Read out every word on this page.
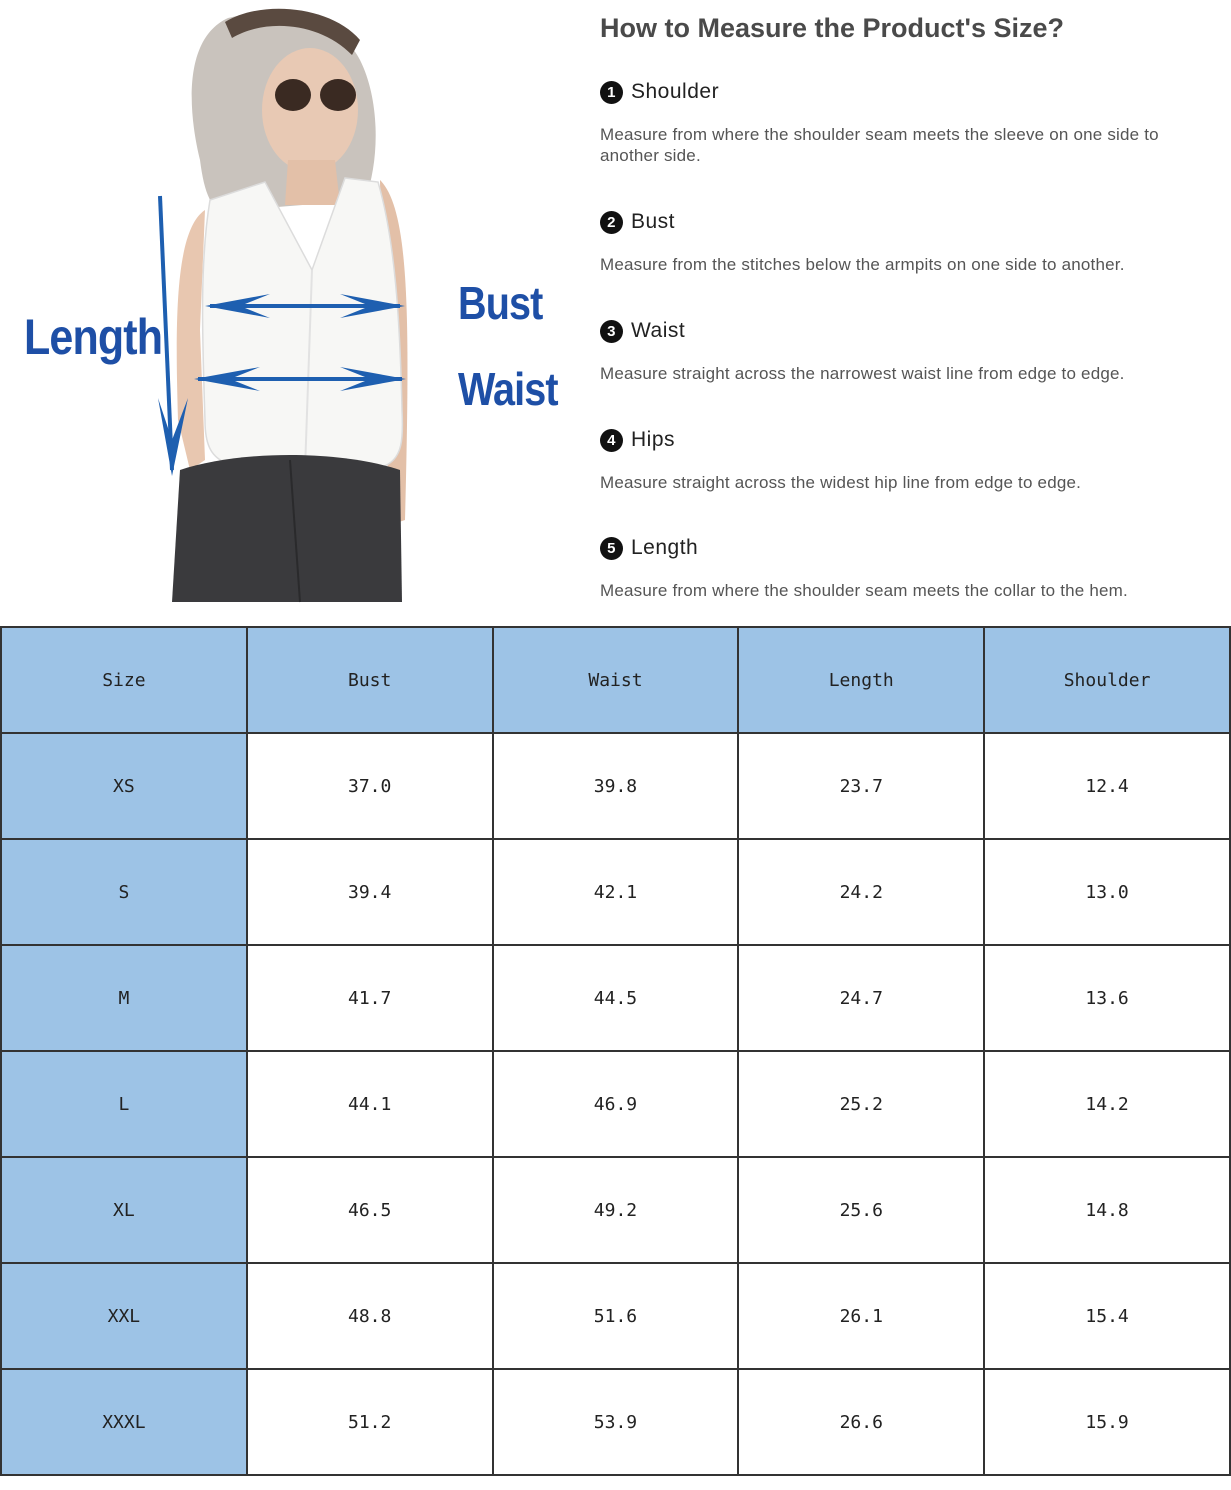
Length
Bust
Waist
How to Measure the Product's Size?
1 Shoulder
Measure from where the shoulder seam meets the sleeve on one side to another side.
2 Bust
Measure from the stitches below the armpits on one side to another.
3 Waist
Measure straight across the narrowest waist line from edge to edge.
4 Hips
Measure straight across the widest hip line from edge to edge.
5 Length
Measure from where the shoulder seam meets the collar to the hem.
Size	Bust	Waist	Length	Shoulder
XS	37.0	39.8	23.7	12.4
S	39.4	42.1	24.2	13.0
M	41.7	44.5	24.7	13.6
L	44.1	46.9	25.2	14.2
XL	46.5	49.2	25.6	14.8
XXL	48.8	51.6	26.1	15.4
XXXL	51.2	53.9	26.6	15.9
